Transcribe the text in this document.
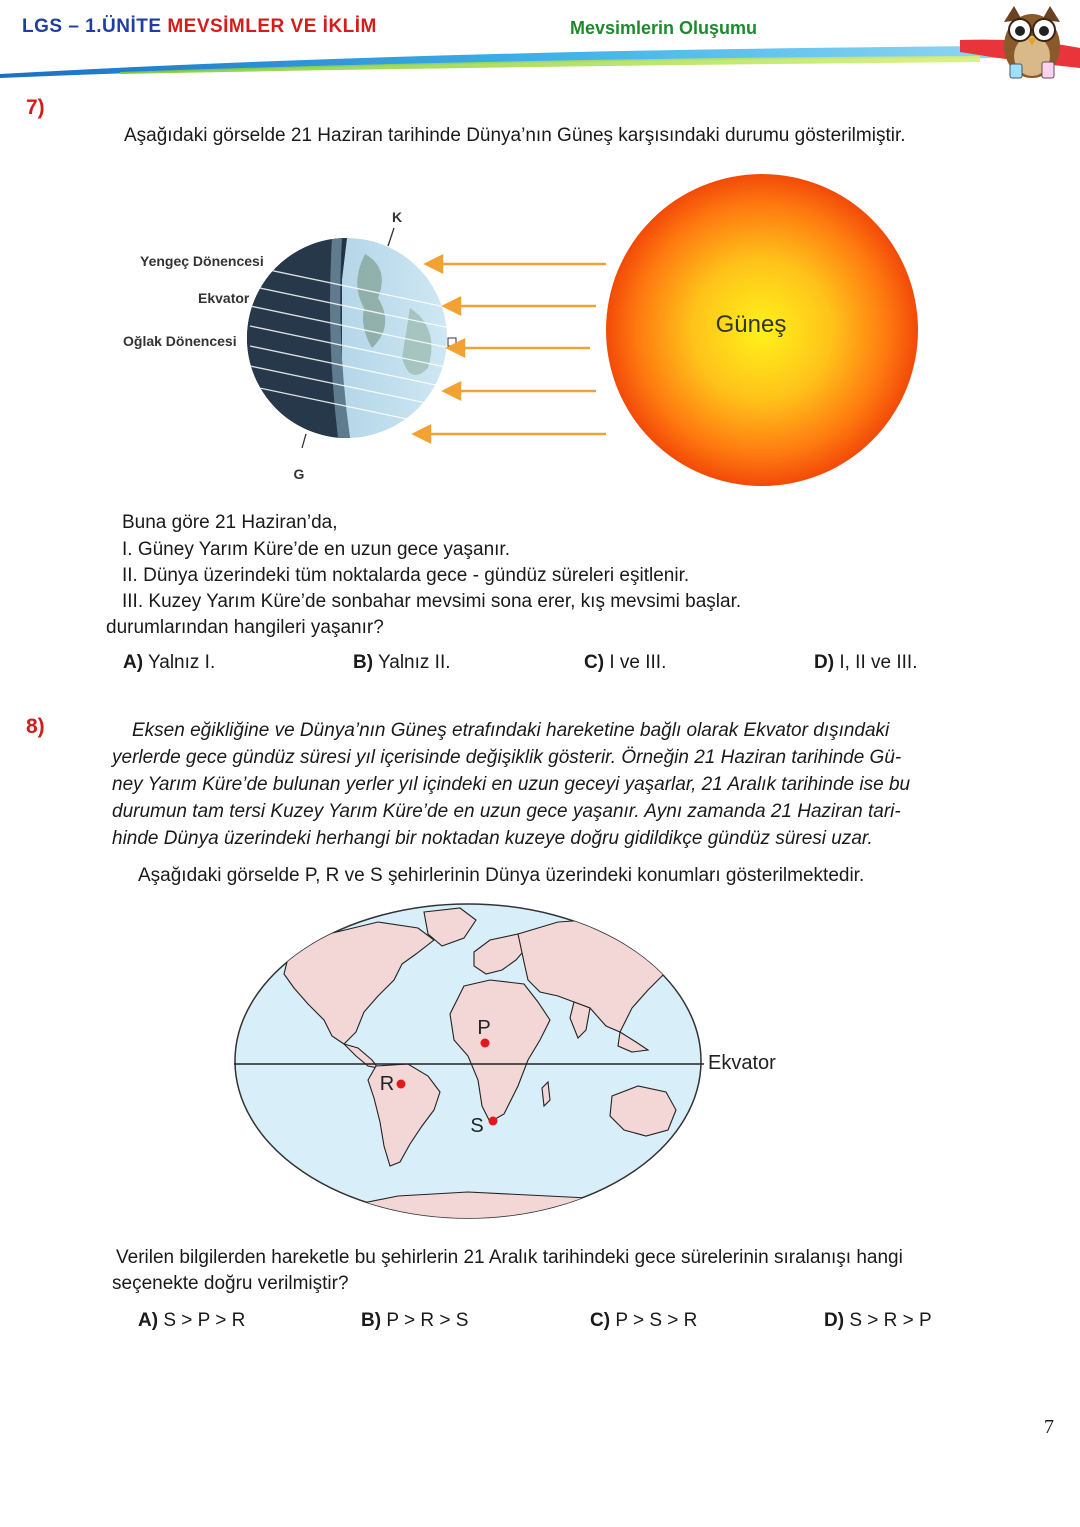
LGS – 1.ÜNİTE MEVSİMLER VE İKLİM	Mevsimlerin Oluşumu
7)
Aşağıdaki görselde 21 Haziran tarihinde Dünya’nın Güneş karşısındaki durumu gösterilmiştir.
Güneş
K
G
Yengeç Dönencesi
Ekvator
Oğlak Dönencesi
Buna göre 21 Haziran’da,
I. Güney Yarım Küre’de en uzun gece yaşanır.
II. Dünya üzerindeki tüm noktalarda gece - gündüz süreleri eşitlenir.
III. Kuzey Yarım Küre’de sonbahar mevsimi sona erer, kış mevsimi başlar.
durumlarından hangileri yaşanır?
A) Yalnız I.	B) Yalnız II.	C) I ve III.	D) I, II ve III.
8)	Eksen eğikliğine ve Dünya’nın Güneş etrafındaki hareketine bağlı olarak Ekvator dışındaki
yerlerde gece gündüz süresi yıl içerisinde değişiklik gösterir. Örneğin 21 Haziran tarihinde Gü-
ney Yarım Küre’de bulunan yerler yıl içindeki en uzun geceyi yaşarlar, 21 Aralık tarihinde ise bu
durumun tam tersi Kuzey Yarım Küre’de en uzun gece yaşanır. Aynı zamanda 21 Haziran tari-
hinde Dünya üzerindeki herhangi bir noktadan kuzeye doğru gidildikçe gündüz süresi uzar.
Aşağıdaki görselde P, R ve S şehirlerinin Dünya üzerindeki konumları gösterilmektedir.
Ekvator
P
R
S
Verilen bilgilerden hareketle bu şehirlerin 21 Aralık tarihindeki gece sürelerinin sıralanışı hangi
seçenekte doğru verilmiştir?
A) S > P > R	B) P > R > S	C) P > S > R	D) S > R > P
7
